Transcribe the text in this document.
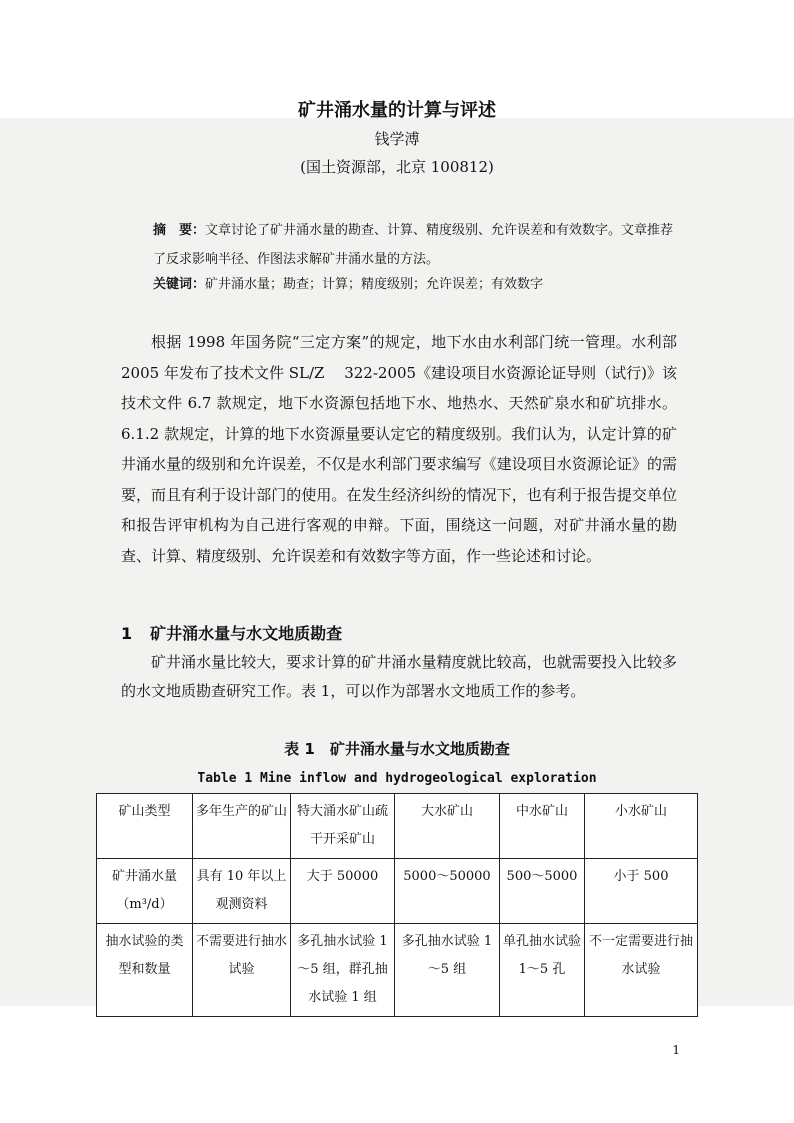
矿井涌水量的计算与评述
钱学溥
(国土资源部，北京 100812)
摘　要：文章讨论了矿井涌水量的勘查、计算、精度级别、允许误差和有效数字。文章推荐了反求影响半径、作图法求解矿井涌水量的方法。
关键词：矿井涌水量；勘查；计算；精度级别；允许误差；有效数字
根据 1998 年国务院“三定方案”的规定，地下水由水利部门统一管理。水利部 2005 年发布了技术文件 SL/Z　 322-2005《建设项目水资源论证导则（试行)》该技术文件 6.7 款规定，地下水资源包括地下水、地热水、天然矿泉水和矿坑排水。6.1.2 款规定，计算的地下水资源量要认定它的精度级别。我们认为，认定计算的矿井涌水量的级别和允许误差，不仅是水利部门要求编写《建设项目水资源论证》的需要，而且有利于设计部门的使用。在发生经济纠纷的情况下，也有利于报告提交单位和报告评审机构为自己进行客观的申辩。下面，围绕这一问题，对矿井涌水量的勘查、计算、精度级别、允许误差和有效数字等方面，作一些论述和讨论。
1 矿井涌水量与水文地质勘查
矿井涌水量比较大，要求计算的矿井涌水量精度就比较高，也就需要投入比较多的水文地质勘查研究工作。表 1，可以作为部署水文地质工作的参考。
表 1　矿井涌水量与水文地质勘查
Table 1 Mine inflow and hydrogeological exploration
矿山类型	多年生产的矿山	特大涌水矿山疏干开采矿山	大水矿山	中水矿山	小水矿山
矿井涌水量（m³/d）	具有 10 年以上观测资料	大于 50000	5000～50000	500～5000	小于 500
抽水试验的类型和数量	不需要进行抽水试验	多孔抽水试验 1～5 组，群孔抽水试验 1 组	多孔抽水试验 1～5 组	单孔抽水试验 1～5 孔	不一定需要进行抽水试验
1
